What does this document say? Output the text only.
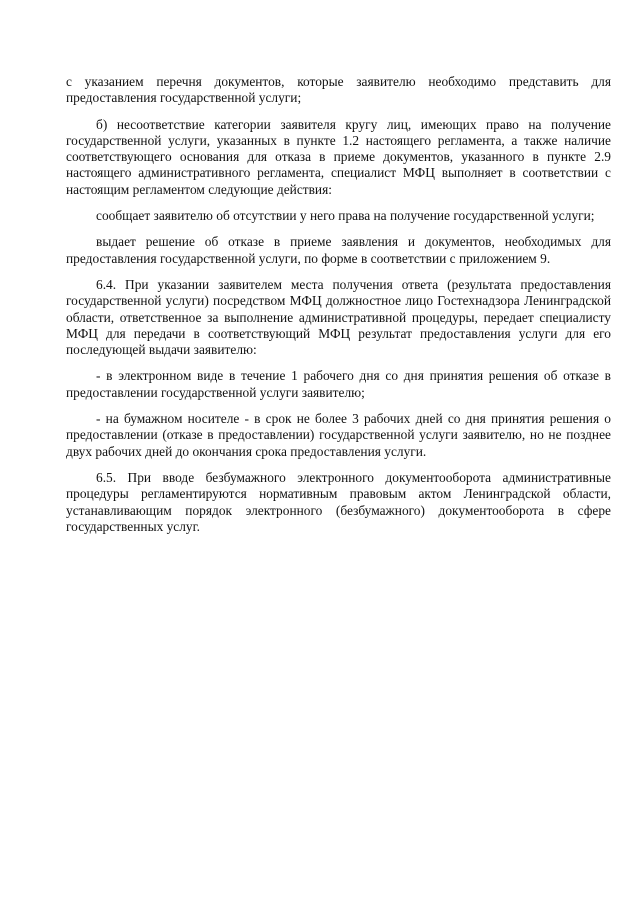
с указанием перечня документов, которые заявителю необходимо представить для предоставления государственной услуги;

б) несоответствие категории заявителя кругу лиц, имеющих право на получение государственной услуги, указанных в пункте 1.2 настоящего регламента, а также наличие соответствующего основания для отказа в приеме документов, указанного в пункте 2.9 настоящего административного регламента, специалист МФЦ выполняет в соответствии с настоящим регламентом следующие действия:

сообщает заявителю об отсутствии у него права на получение государственной услуги;

выдает решение об отказе в приеме заявления и документов, необходимых для предоставления государственной услуги, по форме в соответствии с приложением 9.

6.4. При указании заявителем места получения ответа (результата предоставления государственной услуги) посредством МФЦ должностное лицо Гостехнадзора Ленинградской области, ответственное за выполнение административной процедуры, передает специалисту МФЦ для передачи в соответствующий МФЦ результат предоставления услуги для его последующей выдачи заявителю:

- в электронном виде в течение 1 рабочего дня со дня принятия решения об отказе в предоставлении государственной услуги заявителю;

- на бумажном носителе - в срок не более 3 рабочих дней со дня принятия решения о предоставлении (отказе в предоставлении) государственной услуги заявителю, но не позднее двух рабочих дней до окончания срока предоставления услуги.

6.5. При вводе безбумажного электронного документооборота административные процедуры регламентируются нормативным правовым актом Ленинградской области, устанавливающим порядок электронного (безбумажного) документооборота в сфере государственных услуг.
